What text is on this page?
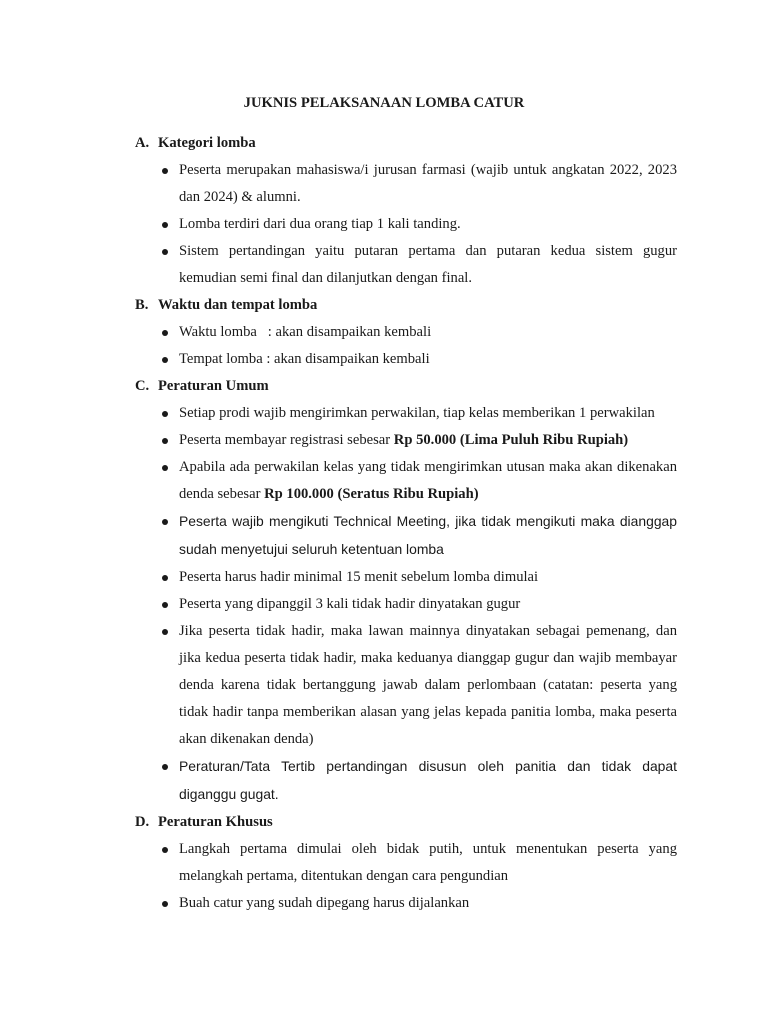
JUKNIS PELAKSANAAN LOMBA CATUR
A. Kategori lomba
Peserta merupakan mahasiswa/i jurusan farmasi (wajib untuk angkatan 2022, 2023 dan 2024) & alumni.
Lomba terdiri dari dua orang tiap 1 kali tanding.
Sistem pertandingan yaitu putaran pertama dan putaran kedua sistem gugur kemudian semi final dan dilanjutkan dengan final.
B. Waktu dan tempat lomba
Waktu lomba   : akan disampaikan kembali
Tempat lomba : akan disampaikan kembali
C. Peraturan Umum
Setiap prodi wajib mengirimkan perwakilan, tiap kelas memberikan 1 perwakilan
Peserta membayar registrasi sebesar Rp 50.000 (Lima Puluh Ribu Rupiah)
Apabila ada perwakilan kelas yang tidak mengirimkan utusan maka akan dikenakan denda sebesar Rp 100.000 (Seratus Ribu Rupiah)
Peserta wajib mengikuti Technical Meeting, jika tidak mengikuti maka dianggap sudah menyetujui seluruh ketentuan lomba
Peserta harus hadir minimal 15 menit sebelum lomba dimulai
Peserta yang dipanggil 3 kali tidak hadir dinyatakan gugur
Jika peserta tidak hadir, maka lawan mainnya dinyatakan sebagai pemenang, dan jika kedua peserta tidak hadir, maka keduanya dianggap gugur dan wajib membayar denda karena tidak bertanggung jawab dalam perlombaan (catatan: peserta yang tidak hadir tanpa memberikan alasan yang jelas kepada panitia lomba, maka peserta akan dikenakan denda)
Peraturan/Tata Tertib pertandingan disusun oleh panitia dan tidak dapat diganggu gugat.
D. Peraturan Khusus
Langkah pertama dimulai oleh bidak putih, untuk menentukan peserta yang melangkah pertama, ditentukan dengan cara pengundian
Buah catur yang sudah dipegang harus dijalankan
